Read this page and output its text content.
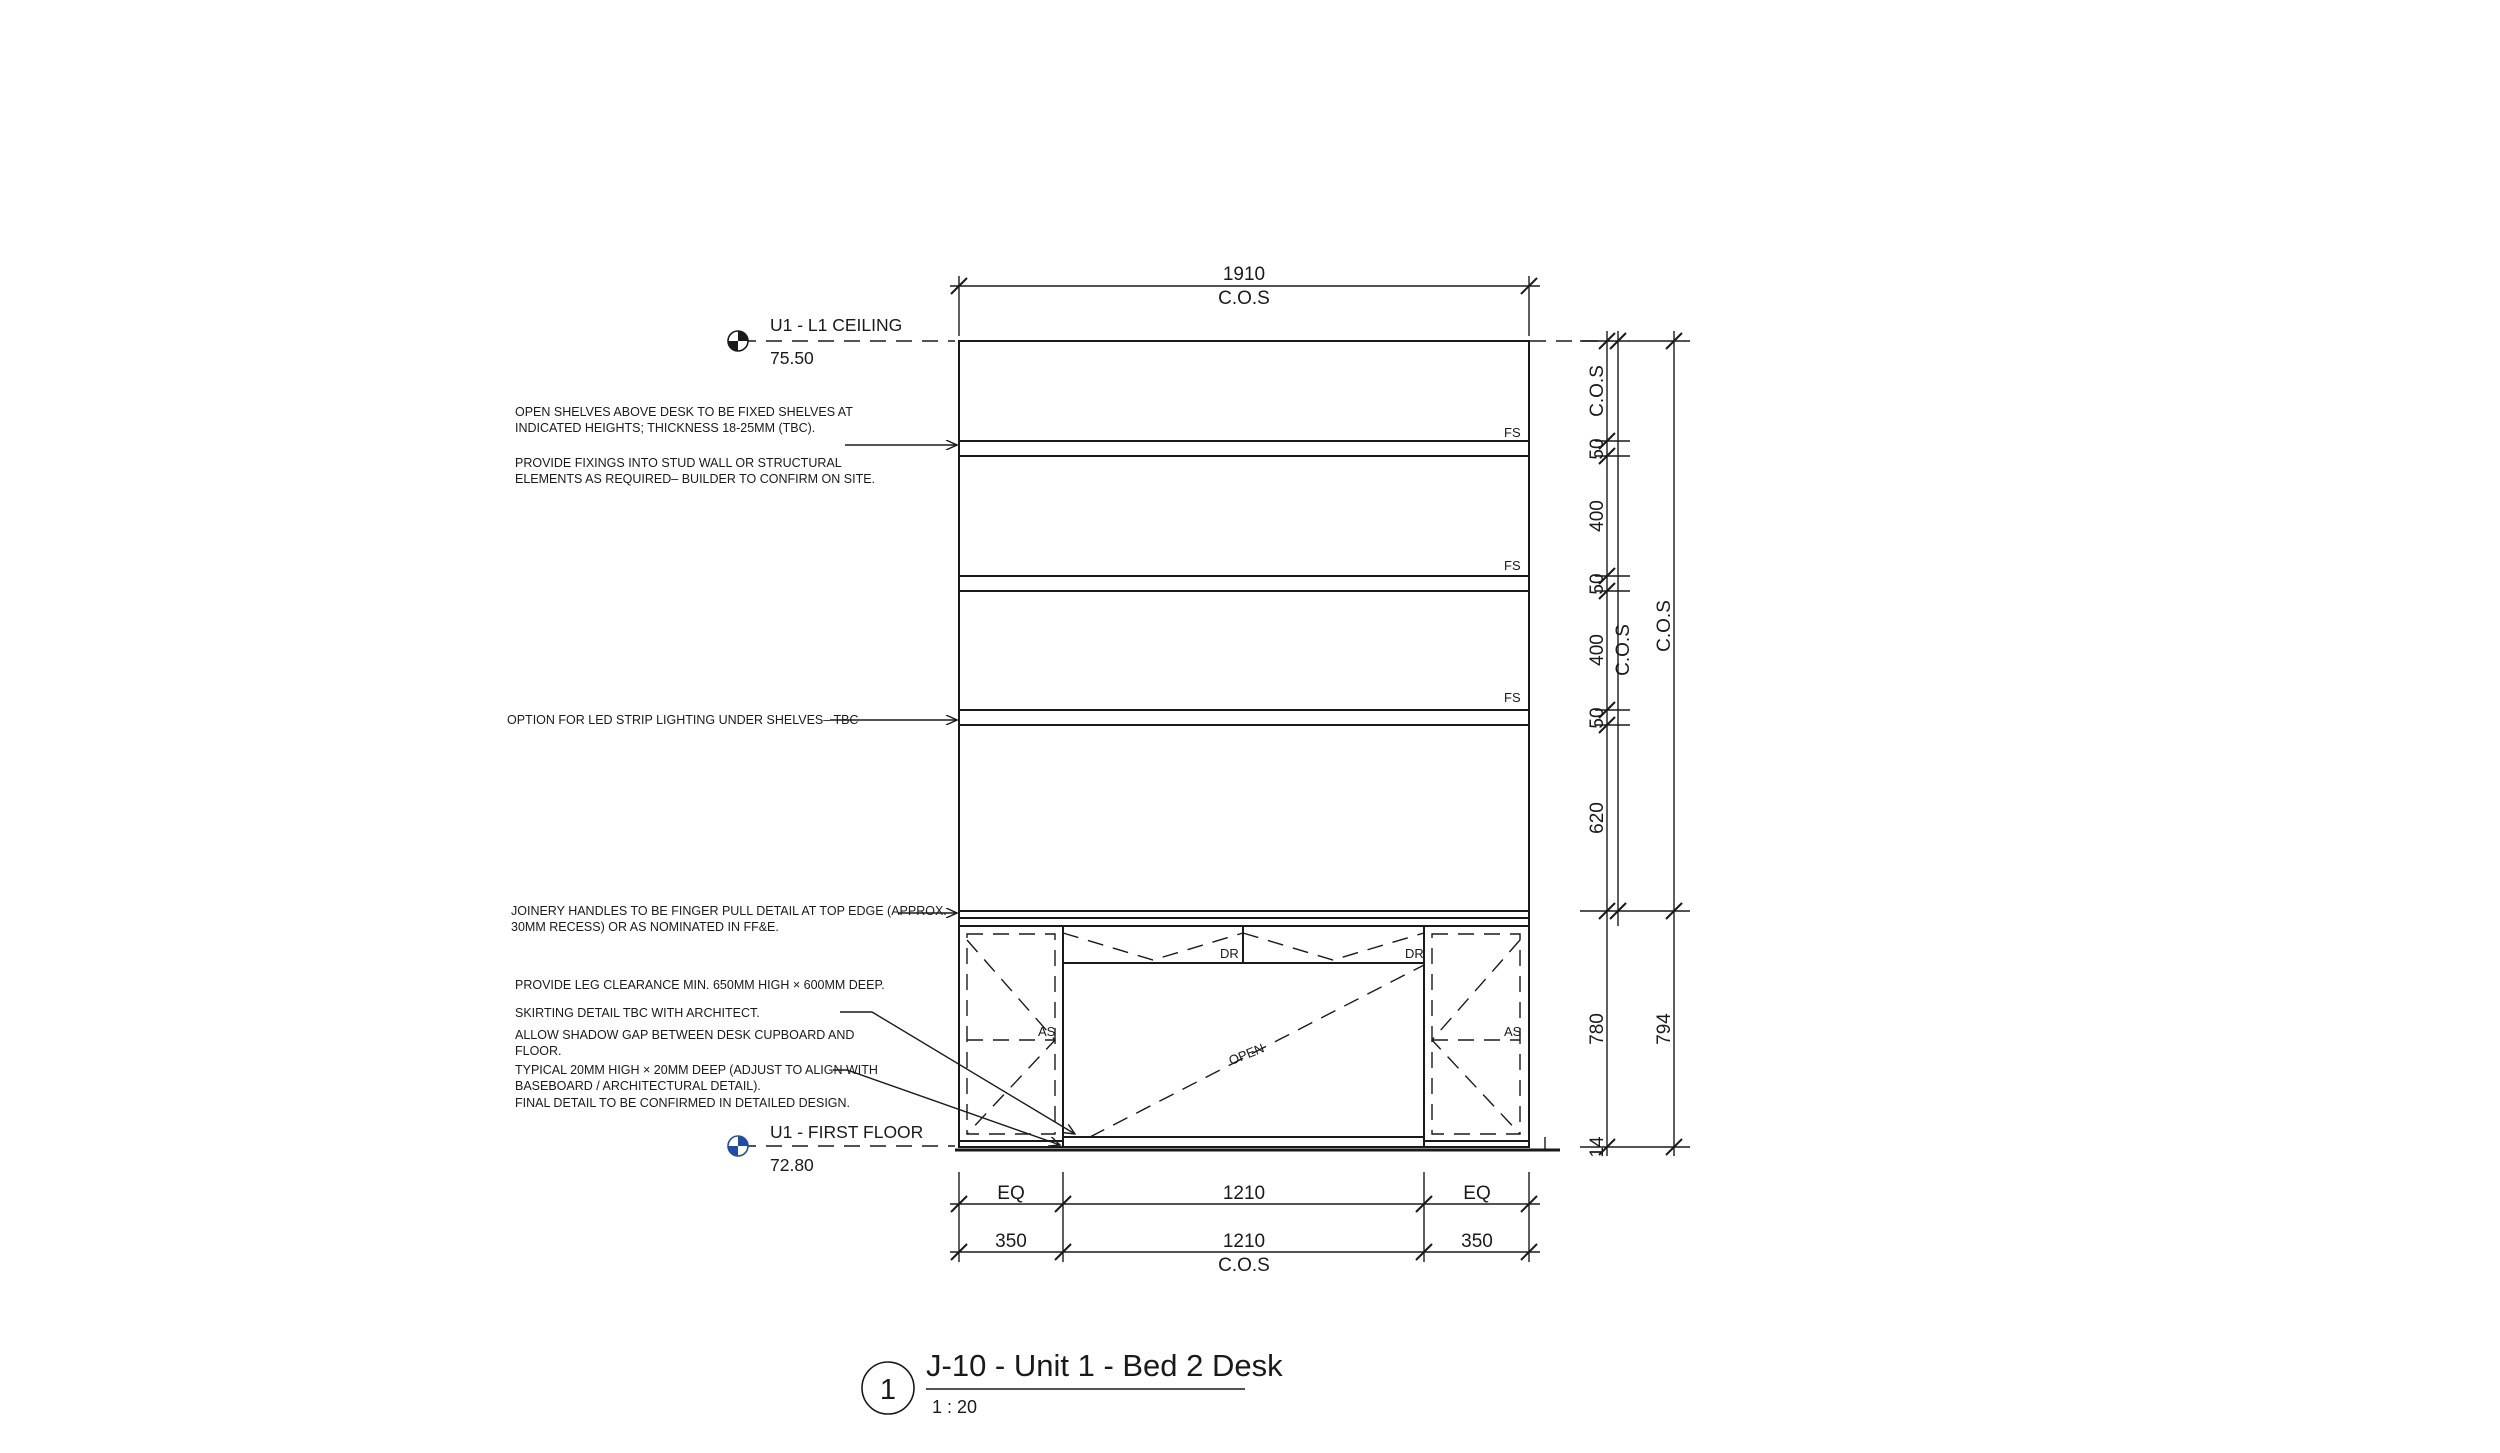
U1 - L1 CEILING
75.50
U1 - FIRST FLOOR
72.80
FS
FS
FS
DR	DR
AS	AS
OPEN
1910
C.O.S
EQ	1210	EQ
350	1210	350
C.O.S
C.O.S
50
400
50
400
50
620
780
14
C.O.S C.O.S
794
OPEN SHELVES ABOVE DESK TO BE FIXED SHELVES AT
INDICATED HEIGHTS; THICKNESS 18-25MM (TBC).
PROVIDE FIXINGS INTO STUD WALL OR STRUCTURAL
ELEMENTS AS REQUIRED– BUILDER TO CONFIRM ON SITE.
OPTION FOR LED STRIP LIGHTING UNDER SHELVES– TBC
JOINERY HANDLES TO BE FINGER PULL DETAIL AT TOP EDGE (APPROX.
30MM RECESS) OR AS NOMINATED IN FF&E.
PROVIDE LEG CLEARANCE MIN. 650MM HIGH × 600MM DEEP.
SKIRTING DETAIL TBC WITH ARCHITECT.
ALLOW SHADOW GAP BETWEEN DESK CUPBOARD AND
FLOOR.
TYPICAL 20MM HIGH × 20MM DEEP (ADJUST TO ALIGN WITH
BASEBOARD / ARCHITECTURAL DETAIL).
FINAL DETAIL TO BE CONFIRMED IN DETAILED DESIGN.
1
J-10 - Unit 1 - Bed 2 Desk
1 : 20
